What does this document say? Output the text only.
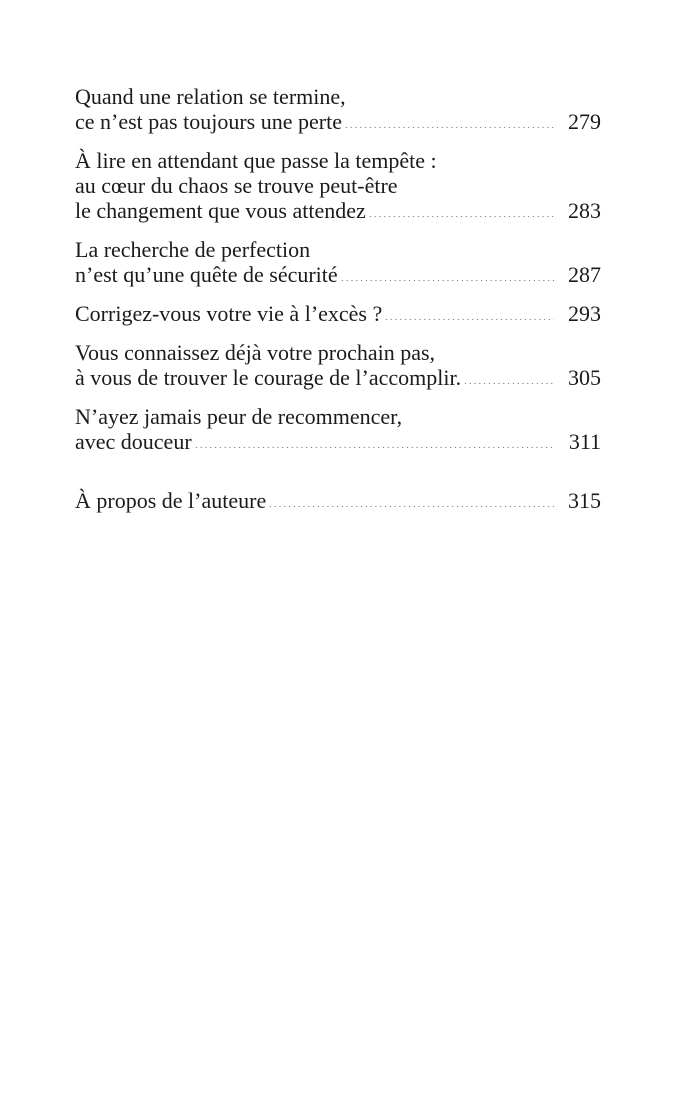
Quand une relation se termine,
ce n’est pas toujours une perte	279
À lire en attendant que passe la tempête :
au cœur du chaos se trouve peut-être
le changement que vous attendez	283
La recherche de perfection
n’est qu’une quête de sécurité	287
Corrigez-vous votre vie à l’excès ?	293
Vous connaissez déjà votre prochain pas,
à vous de trouver le courage de l’accomplir.	305
N’ayez jamais peur de recommencer,
avec douceur	311
À propos de l’auteure	315
